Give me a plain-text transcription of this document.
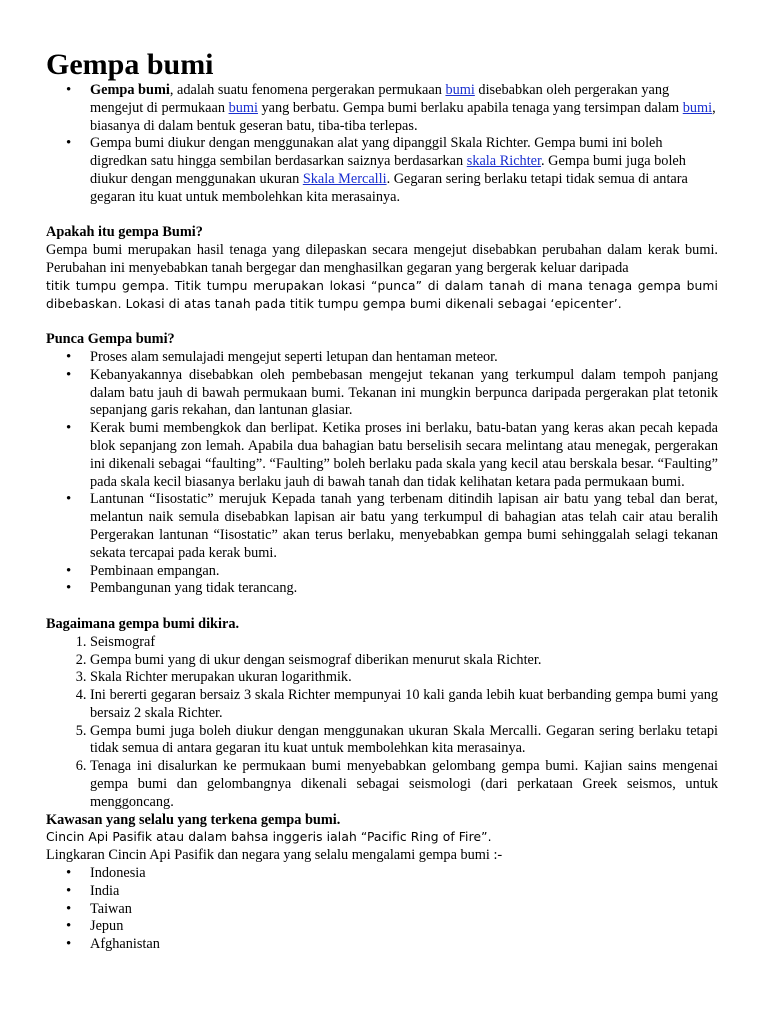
Gempa bumi
• Gempa bumi, adalah suatu fenomena pergerakan permukaan bumi disebabkan oleh pergerakan yang mengejut di permukaan bumi yang berbatu. Gempa bumi berlaku apabila tenaga yang tersimpan dalam bumi, biasanya di dalam bentuk geseran batu, tiba-tiba terlepas.
• Gempa bumi diukur dengan menggunakan alat yang dipanggil Skala Richter. Gempa bumi ini boleh digredkan satu hingga sembilan berdasarkan saiznya berdasarkan skala Richter. Gempa bumi juga boleh diukur dengan menggunakan ukuran Skala Mercalli. Gegaran sering berlaku tetapi tidak semua di antara gegaran itu kuat untuk membolehkan kita merasainya.
Apakah itu gempa Bumi?

Gempa bumi merupakan hasil tenaga yang dilepaskan secara mengejut disebabkan perubahan dalam kerak bumi. Perubahan ini menyebabkan tanah bergegar dan menghasilkan gegaran yang bergerak keluar daripada

titik tumpu gempa. Titik tumpu merupakan lokasi “punca” di dalam tanah di mana tenaga gempa bumi dibebaskan. Lokasi di atas tanah pada titik tumpu gempa bumi dikenali sebagai ‘epicenter’.

Punca Gempa bumi?
• Proses alam semulajadi mengejut seperti letupan dan hentaman meteor.
• Kebanyakannya disebabkan oleh pembebasan mengejut tekanan yang terkumpul dalam tempoh panjang dalam batu jauh di bawah permukaan bumi. Tekanan ini mungkin berpunca daripada pergerakan plat tetonik sepanjang garis rekahan, dan lantunan glasiar.
• Kerak bumi membengkok dan berlipat. Ketika proses ini berlaku, batu-batan yang keras akan pecah kepada blok sepanjang zon lemah. Apabila dua bahagian batu berselisih secara melintang atau menegak, pergerakan ini dikenali sebagai “faulting”. “Faulting” boleh berlaku pada skala yang kecil atau berskala besar. “Faulting” pada skala kecil biasanya berlaku jauh di bawah tanah dan tidak kelihatan ketara pada permukaan bumi.
• Lantunan “Iisostatic” merujuk Kepada tanah yang terbenam ditindih lapisan air batu yang tebal dan berat, melantun naik semula disebabkan lapisan air batu yang terkumpul di bahagian atas telah cair atau beralih Pergerakan lantunan “Iisostatic” akan terus berlaku, menyebabkan gempa bumi sehinggalah selagi tekanan sekata tercapai pada kerak bumi.
• Pembinaan empangan.
• Pembangunan yang tidak terancang.
Bagaimana gempa bumi dikira.
1. Seismograf
2. Gempa bumi yang di ukur dengan seismograf diberikan menurut skala Richter.
3. Skala Richter merupakan ukuran logarithmik.
4. Ini bererti gegaran bersaiz 3 skala Richter mempunyai 10 kali ganda lebih kuat berbanding gempa bumi yang bersaiz 2 skala Richter.
5. Gempa bumi juga boleh diukur dengan menggunakan ukuran Skala Mercalli. Gegaran sering berlaku tetapi tidak semua di antara gegaran itu kuat untuk membolehkan kita merasainya.
6. Tenaga ini disalurkan ke permukaan bumi menyebabkan gelombang gempa bumi. Kajian sains mengenai gempa bumi dan gelombangnya dikenali sebagai seismologi (dari perkataan Greek seismos, untuk menggoncang.
Kawasan yang selalu yang terkena gempa bumi.

Cincin Api Pasifik atau dalam bahsa inggeris ialah “Pacific Ring of Fire”.

Lingkaran Cincin Api Pasifik dan negara yang selalu mengalami gempa bumi :-

• Indonesia
• India
• Taiwan
• Jepun
• Afghanistan
